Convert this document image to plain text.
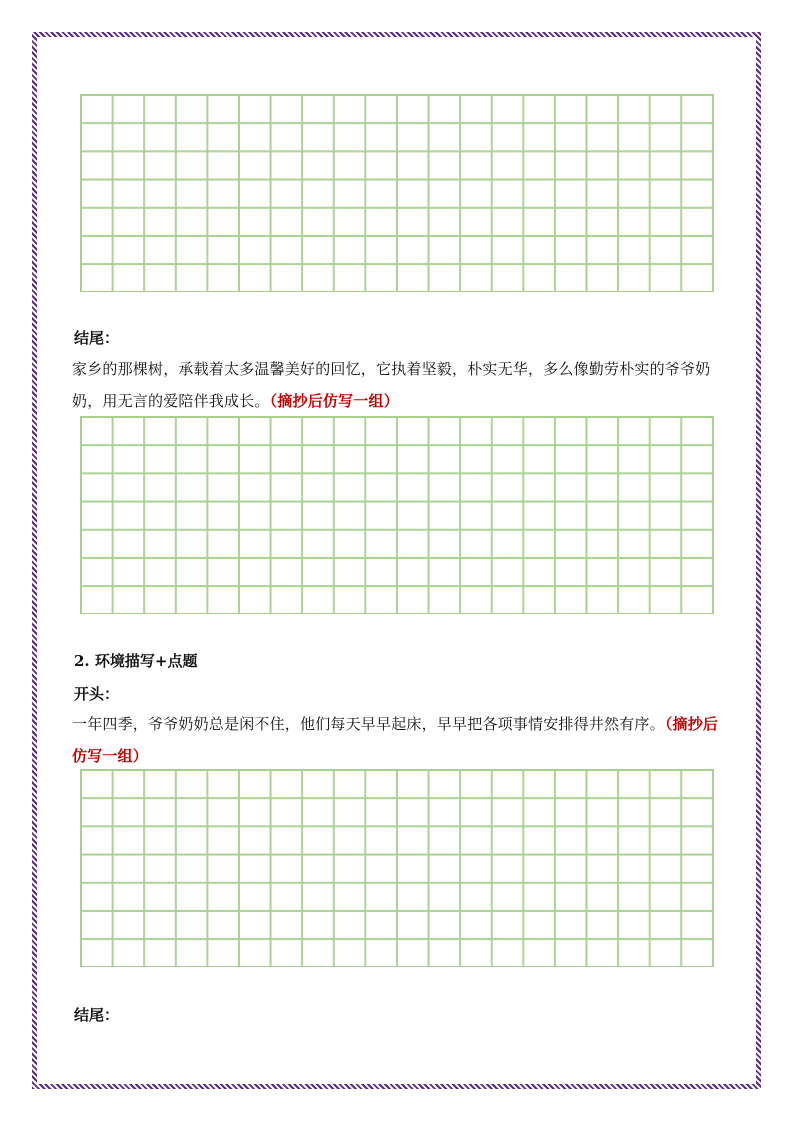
结尾：
家乡的那棵树，承载着太多温馨美好的回忆，它执着坚毅，朴实无华，多么像勤劳朴实的爷爷奶奶，用无言的爱陪伴我成长。（摘抄后仿写一组）
2. 环境描写+点题
开头：
一年四季，爷爷奶奶总是闲不住，他们每天早早起床，早早把各项事情安排得井然有序。（摘抄后仿写一组）
结尾：
